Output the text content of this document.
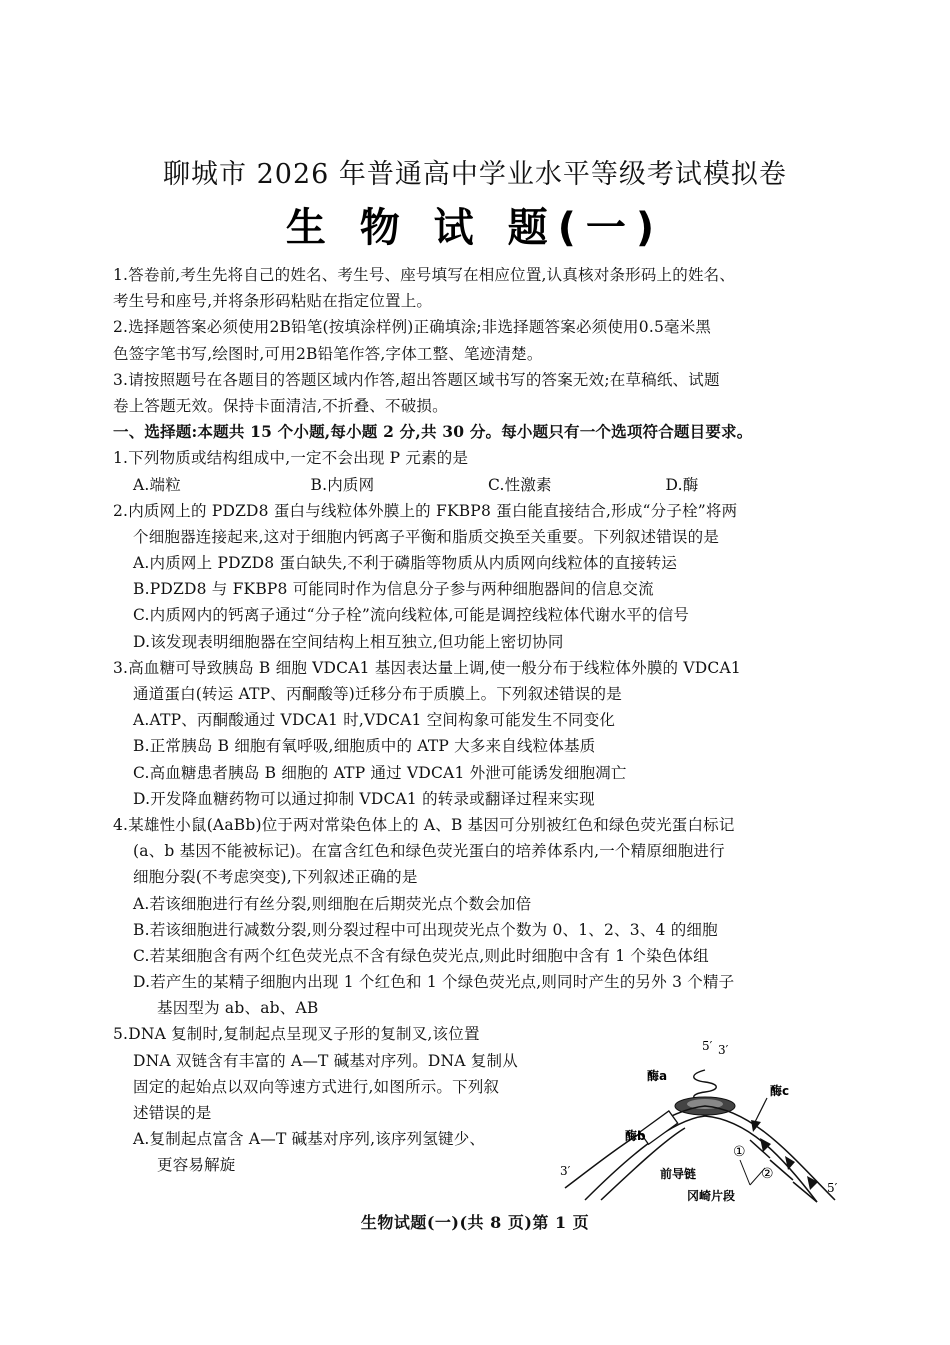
聊城市 2026 年普通高中学业水平等级考试模拟卷
生 物 试 题(一)
1.答卷前,考生先将自己的姓名、考生号、座号填写在相应位置,认真核对条形码上的姓名、
考生号和座号,并将条形码粘贴在指定位置上。
2.选择题答案必须使用2B铅笔(按填涂样例)正确填涂;非选择题答案必须使用0.5毫米黑
色签字笔书写,绘图时,可用2B铅笔作答,字体工整、笔迹清楚。
3.请按照题号在各题目的答题区域内作答,超出答题区域书写的答案无效;在草稿纸、试题
卷上答题无效。保持卡面清洁,不折叠、不破损。
一、选择题:本题共 15 个小题,每小题 2 分,共 30 分。每小题只有一个选项符合题目要求。
1.下列物质或结构组成中,一定不会出现 P 元素的是
A.端粒	B.内质网	C.性激素	D.酶
2.内质网上的 PDZD8 蛋白与线粒体外膜上的 FKBP8 蛋白能直接结合,形成“分子栓”将两
个细胞器连接起来,这对于细胞内钙离子平衡和脂质交换至关重要。下列叙述错误的是
A.内质网上 PDZD8 蛋白缺失,不利于磷脂等物质从内质网向线粒体的直接转运
B.PDZD8 与 FKBP8 可能同时作为信息分子参与两种细胞器间的信息交流
C.内质网内的钙离子通过“分子栓”流向线粒体,可能是调控线粒体代谢水平的信号
D.该发现表明细胞器在空间结构上相互独立,但功能上密切协同
3.高血糖可导致胰岛 B 细胞 VDCA1 基因表达量上调,使一般分布于线粒体外膜的 VDCA1
通道蛋白(转运 ATP、丙酮酸等)迁移分布于质膜上。下列叙述错误的是
A.ATP、丙酮酸通过 VDCA1 时,VDCA1 空间构象可能发生不同变化
B.正常胰岛 B 细胞有氧呼吸,细胞质中的 ATP 大多来自线粒体基质
C.高血糖患者胰岛 B 细胞的 ATP 通过 VDCA1 外泄可能诱发细胞凋亡
D.开发降血糖药物可以通过抑制 VDCA1 的转录或翻译过程来实现
4.某雄性小鼠(AaBb)位于两对常染色体上的 A、B 基因可分别被红色和绿色荧光蛋白标记
(a、b 基因不能被标记)。在富含红色和绿色荧光蛋白的培养体系内,一个精原细胞进行
细胞分裂(不考虑突变),下列叙述正确的是
A.若该细胞进行有丝分裂,则细胞在后期荧光点个数会加倍
B.若该细胞进行减数分裂,则分裂过程中可出现荧光点个数为 0、1、2、3、4 的细胞
C.若某细胞含有两个红色荧光点不含有绿色荧光点,则此时细胞中含有 1 个染色体组
D.若产生的某精子细胞内出现 1 个红色和 1 个绿色荧光点,则同时产生的另外 3 个精子
基因型为 ab、ab、AB
5.DNA 复制时,复制起点呈现叉子形的复制叉,该位置
DNA 双链含有丰富的 A—T 碱基对序列。DNA 复制从
固定的起始点以双向等速方式进行,如图所示。下列叙
述错误的是
A.复制起点富含 A—T 碱基对序列,该序列氢键少、
更容易解旋
5′ 3′
酶a
酶b
酶c
前导链
冈崎片段
3′
5′
①
②
生物试题(一)(共 8 页)第 1 页
